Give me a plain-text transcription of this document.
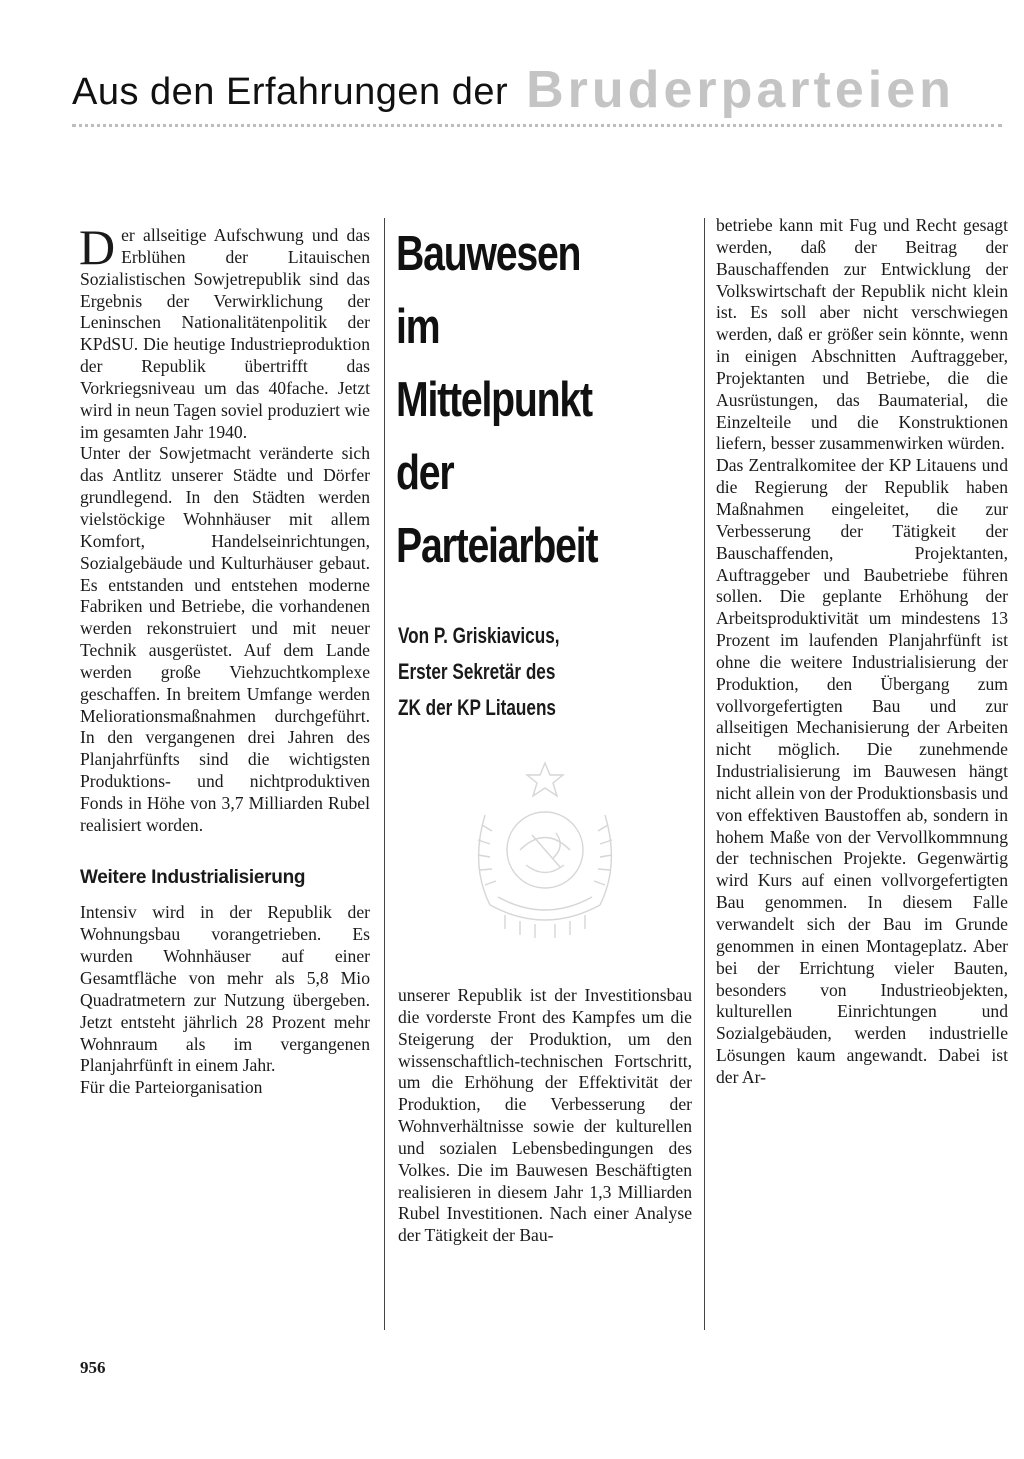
Aus den Erfahrungen der Bruderparteien

Der allseitige Aufschwung und das Erblühen der Litauischen Sozialistischen Sowjetrepublik sind das Ergebnis der Verwirklichung der Leninschen Nationalitätenpolitik der KPdSU. Die heutige Industrieproduktion der Republik übertrifft das Vorkriegsniveau um das 40fache. Jetzt wird in neun Tagen soviel produziert wie im gesamten Jahr 1940.

Unter der Sowjetmacht veränderte sich das Antlitz unserer Städte und Dörfer grundlegend. In den Städten werden vielstöckige Wohnhäuser mit allem Komfort, Handelseinrichtungen, Sozialgebäude und Kulturhäuser gebaut. Es entstanden und entstehen moderne Fabriken und Betriebe, die vorhandenen werden rekonstruiert und mit neuer Technik ausgerüstet. Auf dem Lande werden große Viehzuchtkomplexe geschaffen. In breitem Umfange werden Meliorationsmaßnahmen durchgeführt. In den vergangenen drei Jahren des Planjahrfünfts sind die wichtigsten Produktions- und nichtproduktiven Fonds in Höhe von 3,7 Milliarden Rubel realisiert worden.

Weitere Industrialisierung

Intensiv wird in der Republik der Wohnungsbau vorangetrieben. Es wurden Wohnhäuser auf einer Gesamtfläche von mehr als 5,8 Mio Quadratmetern zur Nutzung übergeben. Jetzt entsteht jährlich 28 Prozent mehr Wohnraum als im vergangenen Planjahrfünft in einem Jahr.

Für die Parteiorganisation

Bauwesen
im
Mittelpunkt
der
Parteiarbeit

Von P. Griskiavicus,
Erster Sekretär des
ZK der KP Litauens

unserer Republik ist der Investitionsbau die vorderste Front des Kampfes um die Steigerung der Produktion, um den wissenschaftlich-technischen Fortschritt, um die Erhöhung der Effektivität der Produktion, die Verbesserung der Wohnverhältnisse sowie der kulturellen und sozialen Lebensbedingungen des Volkes. Die im Bauwesen Beschäftigten realisieren in diesem Jahr 1,3 Milliarden Rubel Investitionen. Nach einer Analyse der Tätigkeit der Bau-

betriebe kann mit Fug und Recht gesagt werden, daß der Beitrag der Bauschaffenden zur Entwicklung der Volkswirtschaft der Republik nicht klein ist. Es soll aber nicht verschwiegen werden, daß er größer sein könnte, wenn in einigen Abschnitten Auftraggeber, Projektanten und Betriebe, die die Ausrüstungen, das Baumaterial, die Einzelteile und die Konstruktionen liefern, besser zusammenwirken würden.

Das Zentralkomitee der KP Litauens und die Regierung der Republik haben Maßnahmen eingeleitet, die zur Verbesserung der Tätigkeit der Bauschaffenden, Projektanten, Auftraggeber und Baubetriebe führen sollen. Die geplante Erhöhung der Arbeitsproduktivität um mindestens 13 Prozent im laufenden Planjahrfünft ist ohne die weitere Industrialisierung der Produktion, den Übergang zum vollvorgefertigten Bau und zur allseitigen Mechanisierung der Arbeiten nicht möglich. Die zunehmende Industrialisierung im Bauwesen hängt nicht allein von der Produktionsbasis und von effektiven Baustoffen ab, sondern in hohem Maße von der Vervollkommnung der technischen Projekte. Gegenwärtig wird Kurs auf einen vollvorgefertigten Bau genommen. In diesem Falle verwandelt sich der Bau im Grunde genommen in einen Montageplatz. Aber bei der Errichtung vieler Bauten, besonders von Industrieobjekten, kulturellen Einrichtungen und Sozialgebäuden, werden industrielle Lösungen kaum angewandt. Dabei ist der Ar-

956
